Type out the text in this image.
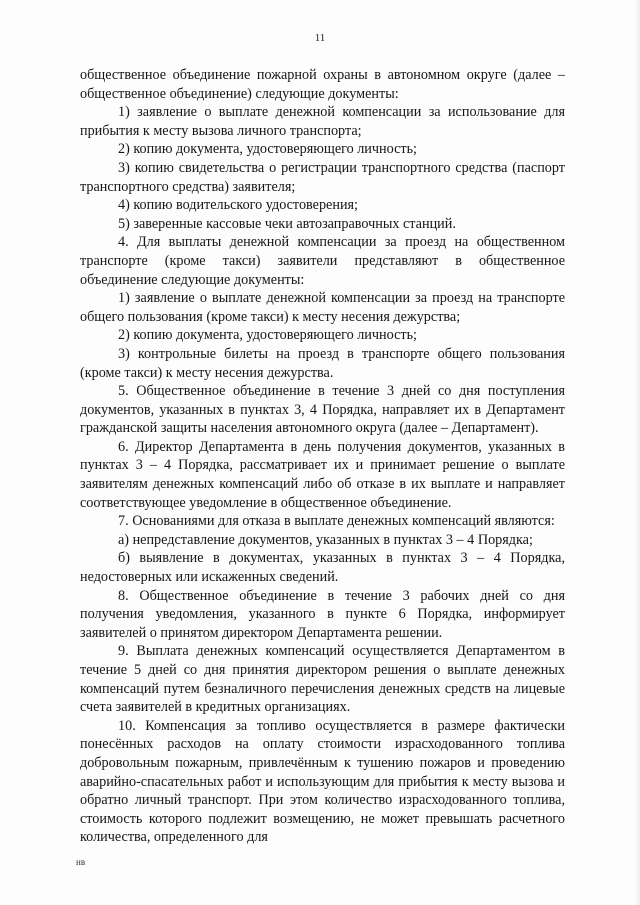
11

общественное объединение пожарной охраны в автономном округе (далее – общественное объединение) следующие документы:

1) заявление о выплате денежной компенсации за использование для прибытия к месту вызова личного транспорта;

2) копию документа, удостоверяющего личность;

3) копию свидетельства о регистрации транспортного средства (паспорт транспортного средства) заявителя;

4) копию водительского удостоверения;

5) заверенные кассовые чеки автозаправочных станций.

4. Для выплаты денежной компенсации за проезд на общественном транспорте (кроме такси) заявители представляют в общественное объединение следующие документы:

1) заявление о выплате денежной компенсации за проезд на транспорте общего пользования (кроме такси) к месту несения дежурства;

2) копию документа, удостоверяющего личность;

3) контрольные билеты на проезд в транспорте общего пользования (кроме такси) к месту несения дежурства.

5. Общественное объединение в течение 3 дней со дня поступления документов, указанных в пунктах 3, 4 Порядка, направляет их в Департамент гражданской защиты населения автономного округа (далее – Департамент).

6. Директор Департамента в день получения документов, указанных в пунктах 3 – 4 Порядка, рассматривает их и принимает решение о выплате заявителям денежных компенсаций либо об отказе в их выплате и направляет соответствующее уведомление в общественное объединение.

7. Основаниями для отказа в выплате денежных компенсаций являются:

а) непредставление документов, указанных в пунктах 3 – 4 Порядка;

б) выявление в документах, указанных в пунктах 3 – 4 Порядка, недостоверных или искаженных сведений.

8. Общественное объединение в течение 3 рабочих дней со дня получения уведомления, указанного в пункте 6 Порядка, информирует заявителей о принятом директором Департамента решении.

9. Выплата денежных компенсаций осуществляется Департаментом в течение 5 дней со дня принятия директором решения о выплате денежных компенсаций путем безналичного перечисления денежных средств на лицевые счета заявителей в кредитных организациях.

10. Компенсация за топливо осуществляется в размере фактически понесённых расходов на оплату стоимости израсходованного топлива добровольным пожарным, привлечённым к тушению пожаров и проведению аварийно-спасательных работ и использующим для прибытия к месту вызова и обратно личный транспорт. При этом количество израсходованного топлива, стоимость которого подлежит возмещению, не может превышать расчетного количества, определенного для

нв
